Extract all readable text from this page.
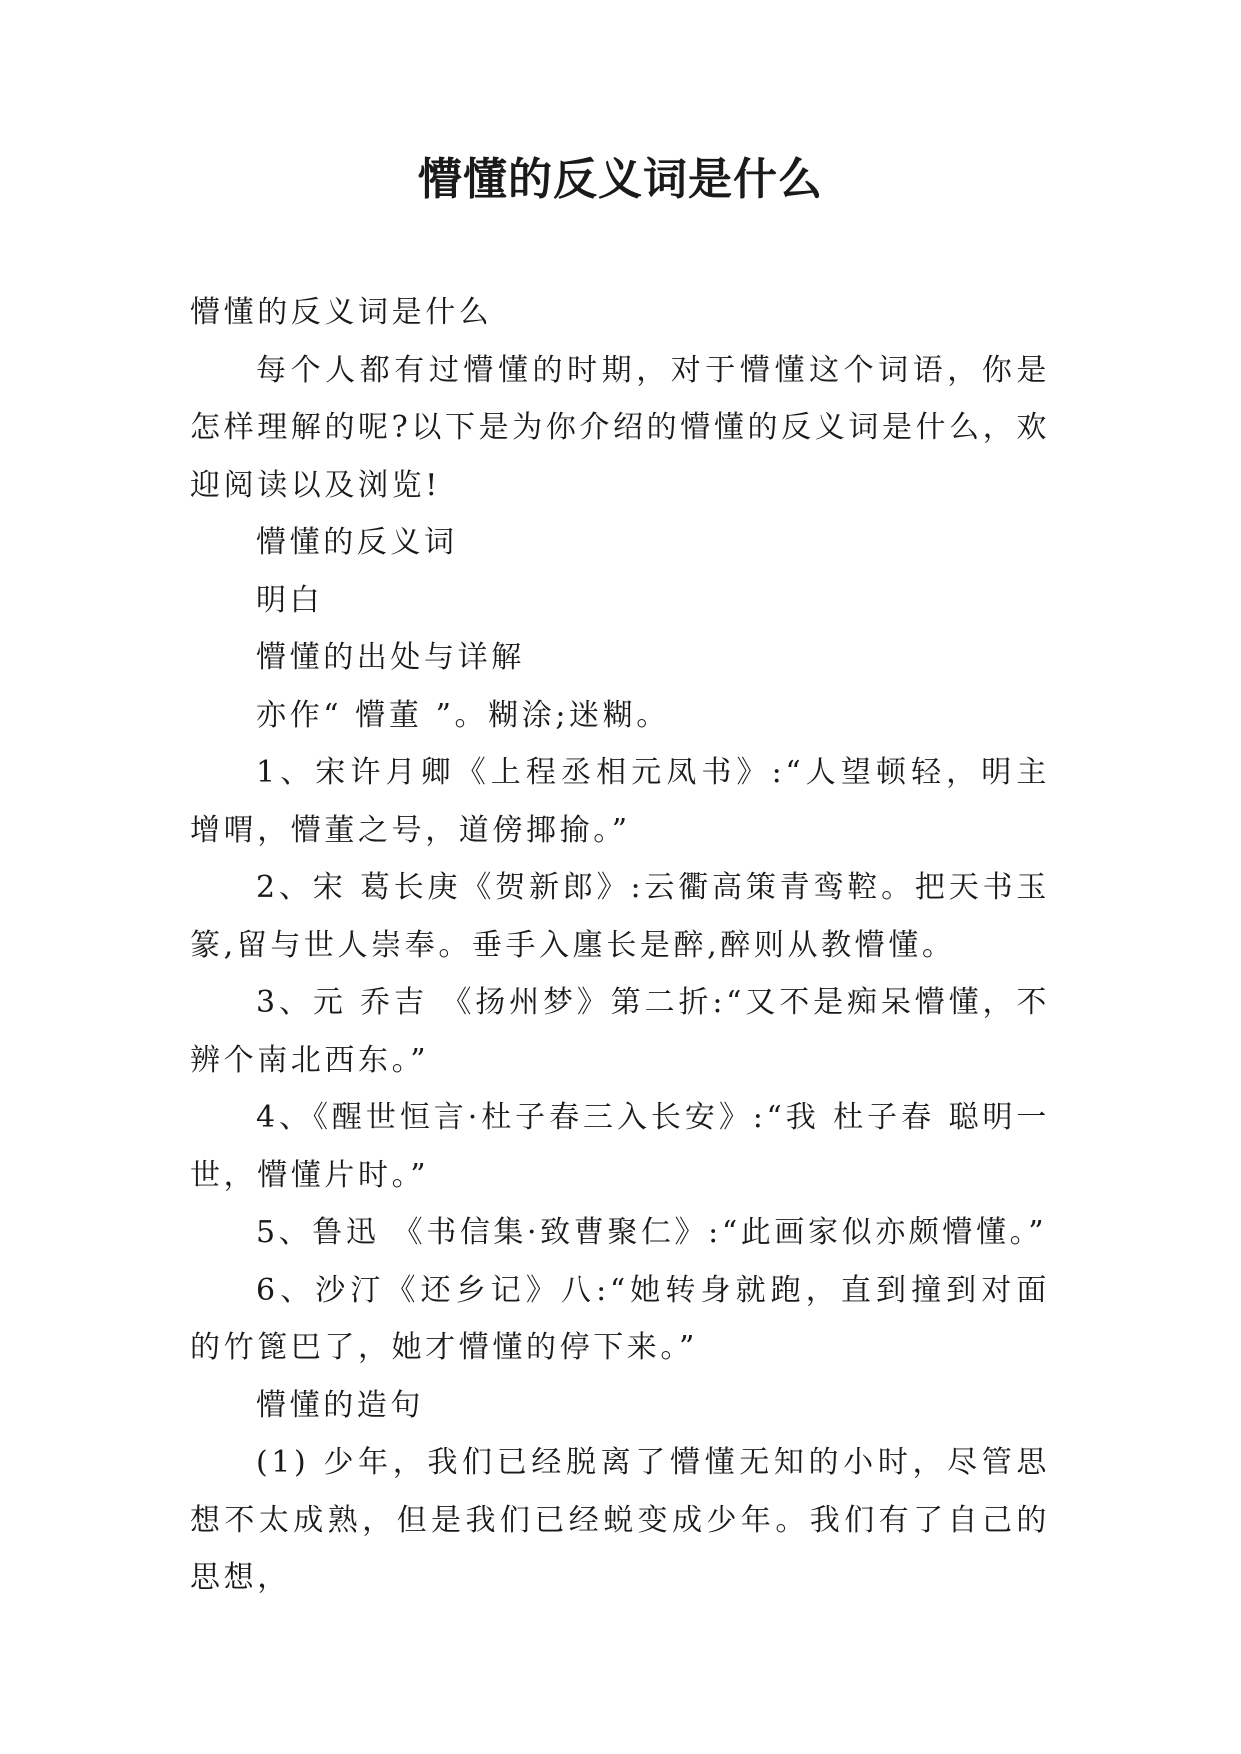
懵懂的反义词是什么

懵懂的反义词是什么

每个人都有过懵懂的时期，对于懵懂这个词语，你是怎样理解的呢?以下是为你介绍的懵懂的反义词是什么，欢迎阅读以及浏览!

懵懂的反义词

明白

懵懂的出处与详解

亦作“ 懵董 ”。糊涂;迷糊。

1、宋许月卿《上程丞相元凤书》:“人望顿轻，明主增喟，懵董之号，道傍揶揄。”

2、宋 葛长庚《贺新郎》:云衢高策青鸾鞚。把天书玉篆,留与世人崇奉。垂手入廛长是醉,醉则从教懵懂。

3、元 乔吉 《扬州梦》第二折:“又不是痴呆懵懂，不辨个南北西东。”

4、《醒世恒言·杜子春三入长安》:“我 杜子春 聪明一世，懵懂片时。”

5、鲁迅 《书信集·致曹聚仁》:“此画家似亦颇懵懂。”

6、沙汀《还乡记》八:“她转身就跑，直到撞到对面的竹篦巴了，她才懵懂的停下来。”

懵懂的造句

(1) 少年，我们已经脱离了懵懂无知的小时，尽管思想不太成熟，但是我们已经蜕变成少年。我们有了自己的思想，
